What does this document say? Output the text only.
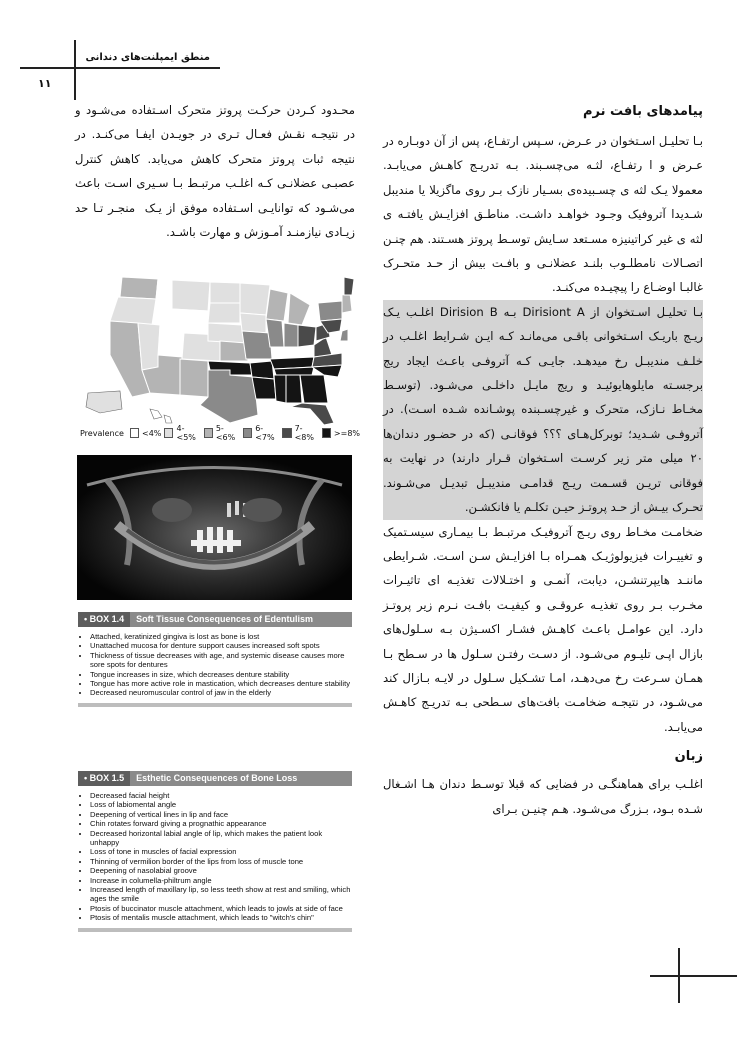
منطق ایمپلنت‌های دندانی
۱۱

محـدود کـردن حرکـت پروتز متحرک اسـتفاده می‌شـود و در نتیجـه نقـش فعـال تـری در جویـدن ایفـا می‌کنـد. در نتیجه ثبات پروتز متحرک کاهش می‌یابد. کاهش کنترل عصبـی عضلانـی کـه اغلـب مرتبـط بـا سـیری اسـت باعث می‌شـود که توانایـی اسـتفاده موفق از یـک ‌ منجـر تـا حد زیـادی نیازمنـد آمـوزش و مهارت باشـد.

Prevalence <4% 4-<5%
5-<6%
6-<7%
7-<8%	>=8%
• BOX 1.4	Soft Tissue Consequences of Edentulism
• Attached, keratinized gingiva is lost as bone is lost
• Unattached mucosa for denture support causes increased soft spots
• Thickness of tissue decreases with age, and systemic disease causes more sore spots for dentures
• Tongue increases in size, which decreases denture stability
• Tongue has more active role in mastication, which decreases denture stability
• Decreased neuromuscular control of jaw in the elderly
• BOX 1.5	Esthetic Consequences of Bone Loss
• Decreased facial height
• Loss of labiomental angle
• Deepening of vertical lines in lip and face
• Chin rotates forward giving a prognathic appearance
• Decreased horizontal labial angle of lip, which makes the patient look unhappy
• Loss of tone in muscles of facial expression
• Thinning of vermilion border of the lips from loss of muscle tone
• Deepening of nasolabial groove
• Increase in columella-philtrum angle
• Increased length of maxillary lip, so less teeth show at rest and smiling, which ages the smile
• Ptosis of buccinator muscle attachment, which leads to jowls at side of face
• Ptosis of mentalis muscle attachment, which leads to "witch's chin"
پیامدهای بافت نرم

بـا تحلیـل اسـتخوان در عـرض، سـپس ارتفـاع، پس از آن دوبـاره در عـرض و ا رتفـاع، لثـه می‌چسـبند. بـه تدریـج کاهـش می‌یابـد. معمولا یـک لثه ی چسـبیده‌ی بسـیار نازک بـر روی ماگزیلا یا مندیبل شـدیدا آتروفیک وجـود خواهـد داشـت. مناطـق افزایـش یافتـه ی لثه ی غیر کراتینیزه مسـتعد سـایش توسـط پروتز هسـتند. هم چنـن اتصـالات نامطلـوب بلنـد عضلانـی و بافـت بیش از حـد متحـرک غالبـا اوضـاع را پیچیـده می‌کنـد.

بـا تحلیـل اسـتخوان از Dirisiont A بـه Dirision B اغلـب یـک ریـج باریـک اسـتخوانی باقـی می‌مانـد کـه ایـن شـرایط اغلـب در خلـف منديبـل رخ میدهـد. جایـی کـه آتروفـی باعـث ایجاد ریج برجسـته مایلوهایوئیـد و ریج مایـل داخلـی می‌شـود. (توسـط مخـاط نـازک، متحرک و غیرچسـبنده پوشـانده شـده اسـت). در آتروفـی شـدید؛ توبرکل‌هـای ؟؟؟ فوقانـی (که در حضـور دندان‌ها ۲۰ میلی متر زیر کرسـت اسـتخوان قـرار دارند) در نهایت به فوقانی تریـن قسـمت ریـج قدامـی مندیبـل تبدیـل می‌شـوند. تحـرک بیـش از حـد پروتـز حیـن تکلـم یا فانکشـن.

ضخامـت مخـاط روی ریـج آتروفیـک مرتبـط بـا بیمـاری سیسـتمیک و تغییـرات فیزیولوژیـک همـراه بـا افزایـش سـن اسـت. شـرایطی ماننـد هایپرتنشـن، دیابت، آنمـی و اختـلالات تغذیـه ای تاثیـرات مخـرب بـر روی تغذیـه عروقـی و کیفیـت بافـت نـرم زیر پروتـز دارد. این عوامـل باعـث کاهـش فشـار اکسـیژن بـه سـلول‌های بازال اپـی تلیـوم می‌شـود. از دسـت رفتـن سـلول ها در سـطح بـا همـان سـرعت رخ می‌دهـد، امـا تشـکیل سـلول در لایـه بـازال کند می‌شـود، در نتیجـه ضخامـت بافت‌های سـطحی بـه تدریـج کاهـش می‌یابـد.

زبان

اغلـب برای هماهنگـی در فضایی که قبلا توسـط دندان هـا اشـغال شـده بـود، بـزرگ می‌شـود. هـم چنیـن بـرای
